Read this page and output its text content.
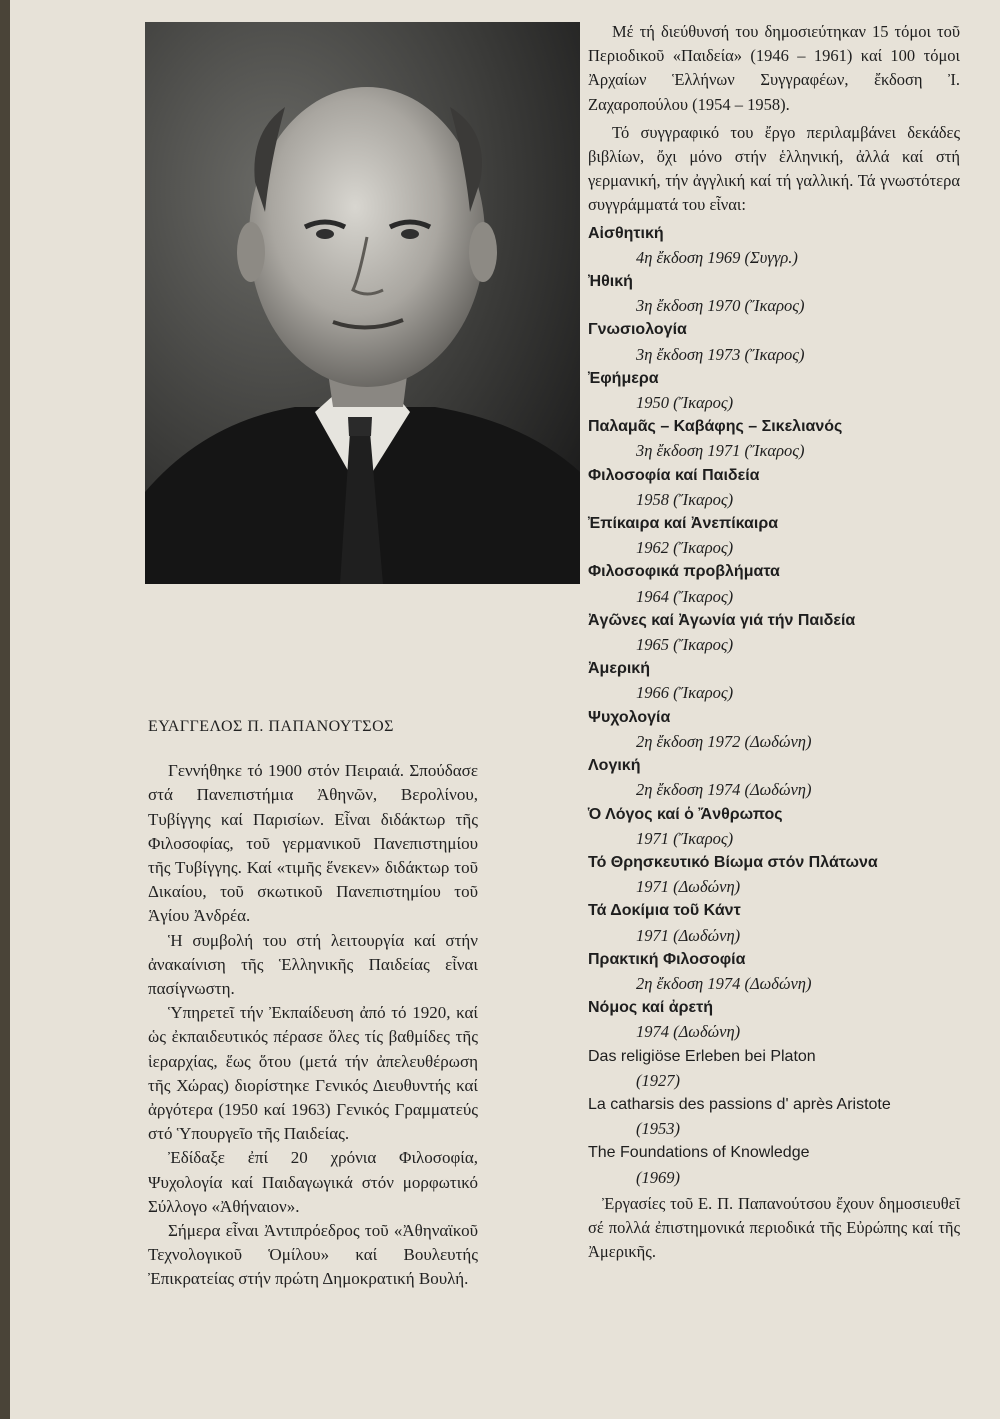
ΕΥΑΓΓΕΛΟΣ Π. ΠΑΠΑΝΟΥΤΣΟΣ

Γεννήθηκε τό 1900 στόν Πειραιά. Σπούδασε στά Πανεπιστήμια Ἀθηνῶν, Βερολίνου, Τυβίγγης καί Παρισίων. Εἶναι διδάκτωρ τῆς Φιλοσοφίας, τοῦ γερμανικοῦ Πανεπιστημίου τῆς Τυβίγγης. Καί «τιμῆς ἕνεκεν» διδάκτωρ τοῦ Δικαίου, τοῦ σκωτικοῦ Πανεπιστημίου τοῦ Ἁγίου Ἀνδρέα.

Ἡ συμβολή του στή λειτουργία καί στήν ἀνακαίνιση τῆς Ἑλληνικῆς Παιδείας εἶναι πασίγνωστη.

Ὑπηρετεῖ τήν Ἐκπαίδευση ἀπό τό 1920, καί ὡς ἐκπαιδευτικός πέρασε ὅλες τίς βαθμίδες τῆς ἱεραρχίας, ἕως ὅτου (μετά τήν ἀπελευθέρωση τῆς Χώρας) διορίστηκε Γενικός Διευθυντής καί ἀργότερα (1950 καί 1963) Γενικός Γραμματεύς στό Ὑπουργεῖο τῆς Παιδείας.

Ἐδίδαξε ἐπί 20 χρόνια Φιλοσοφία, Ψυχολογία καί Παιδαγωγικά στόν μορφωτικό Σύλλογο «Ἀθήναιον».

Σήμερα εἶναι Ἀντιπρόεδρος τοῦ «Ἀθηναϊκοῦ Τεχνολογικοῦ Ὁμίλου» καί Βουλευτής Ἐπικρατείας στήν πρώτη Δημοκρατική Βουλή.

Μέ τή διεύθυνσή του δημοσιεύτηκαν 15 τόμοι τοῦ Περιοδικοῦ «Παιδεία» (1946 – 1961) καί 100 τόμοι Ἀρχαίων Ἑλλήνων Συγγραφέων, ἔκδοση Ἰ. Ζαχαροπούλου (1954 – 1958).

Τό συγγραφικό του ἔργο περιλαμβάνει δεκάδες βιβλίων, ὄχι μόνο στήν ἑλληνική, ἀλλά καί στή γερμανική, τήν ἀγγλική καί τή γαλλική. Τά γνωστότερα συγγράμματά του εἶναι:

Αἰσθητική
4η ἔκδοση 1969 (Συγγρ.)
Ἠθική
3η ἔκδοση 1970 (Ἴκαρος)
Γνωσιολογία
3η ἔκδοση 1973 (Ἴκαρος)
Ἐφήμερα
1950 (Ἴκαρος)
Παλαμᾶς – Καβάφης – Σικελιανός
3η ἔκδοση 1971 (Ἴκαρος)
Φιλοσοφία καί Παιδεία
1958 (Ἴκαρος)
Ἐπίκαιρα καί Ἀνεπίκαιρα
1962 (Ἴκαρος)
Φιλοσοφικά προβλήματα
1964 (Ἴκαρος)
Ἀγῶνες καί Ἀγωνία γιά τήν Παιδεία
1965 (Ἴκαρος)
Ἀμερική
1966 (Ἴκαρος)
Ψυχολογία
2η ἔκδοση 1972 (Δωδώνη)
Λογική
2η ἔκδοση 1974 (Δωδώνη)
Ὁ Λόγος καί ὁ Ἄνθρωπος
1971 (Ἴκαρος)
Τό Θρησκευτικό Βίωμα στόν Πλάτωνα
1971 (Δωδώνη)
Τά Δοκίμια τοῦ Κάντ
1971 (Δωδώνη)
Πρακτική Φιλοσοφία
2η ἔκδοση 1974 (Δωδώνη)
Νόμος καί ἀρετή
1974 (Δωδώνη)
Das religiöse Erleben bei Platon
(1927)
La catharsis des passions d' après Aristote
(1953)
The Foundations of Knowledge
(1969)

Ἐργασίες τοῦ Ε. Π. Παπανούτσου ἔχουν δημοσιευθεῖ σέ πολλά ἐπιστημονικά περιοδικά τῆς Εὐρώπης καί τῆς Ἀμερικῆς.
